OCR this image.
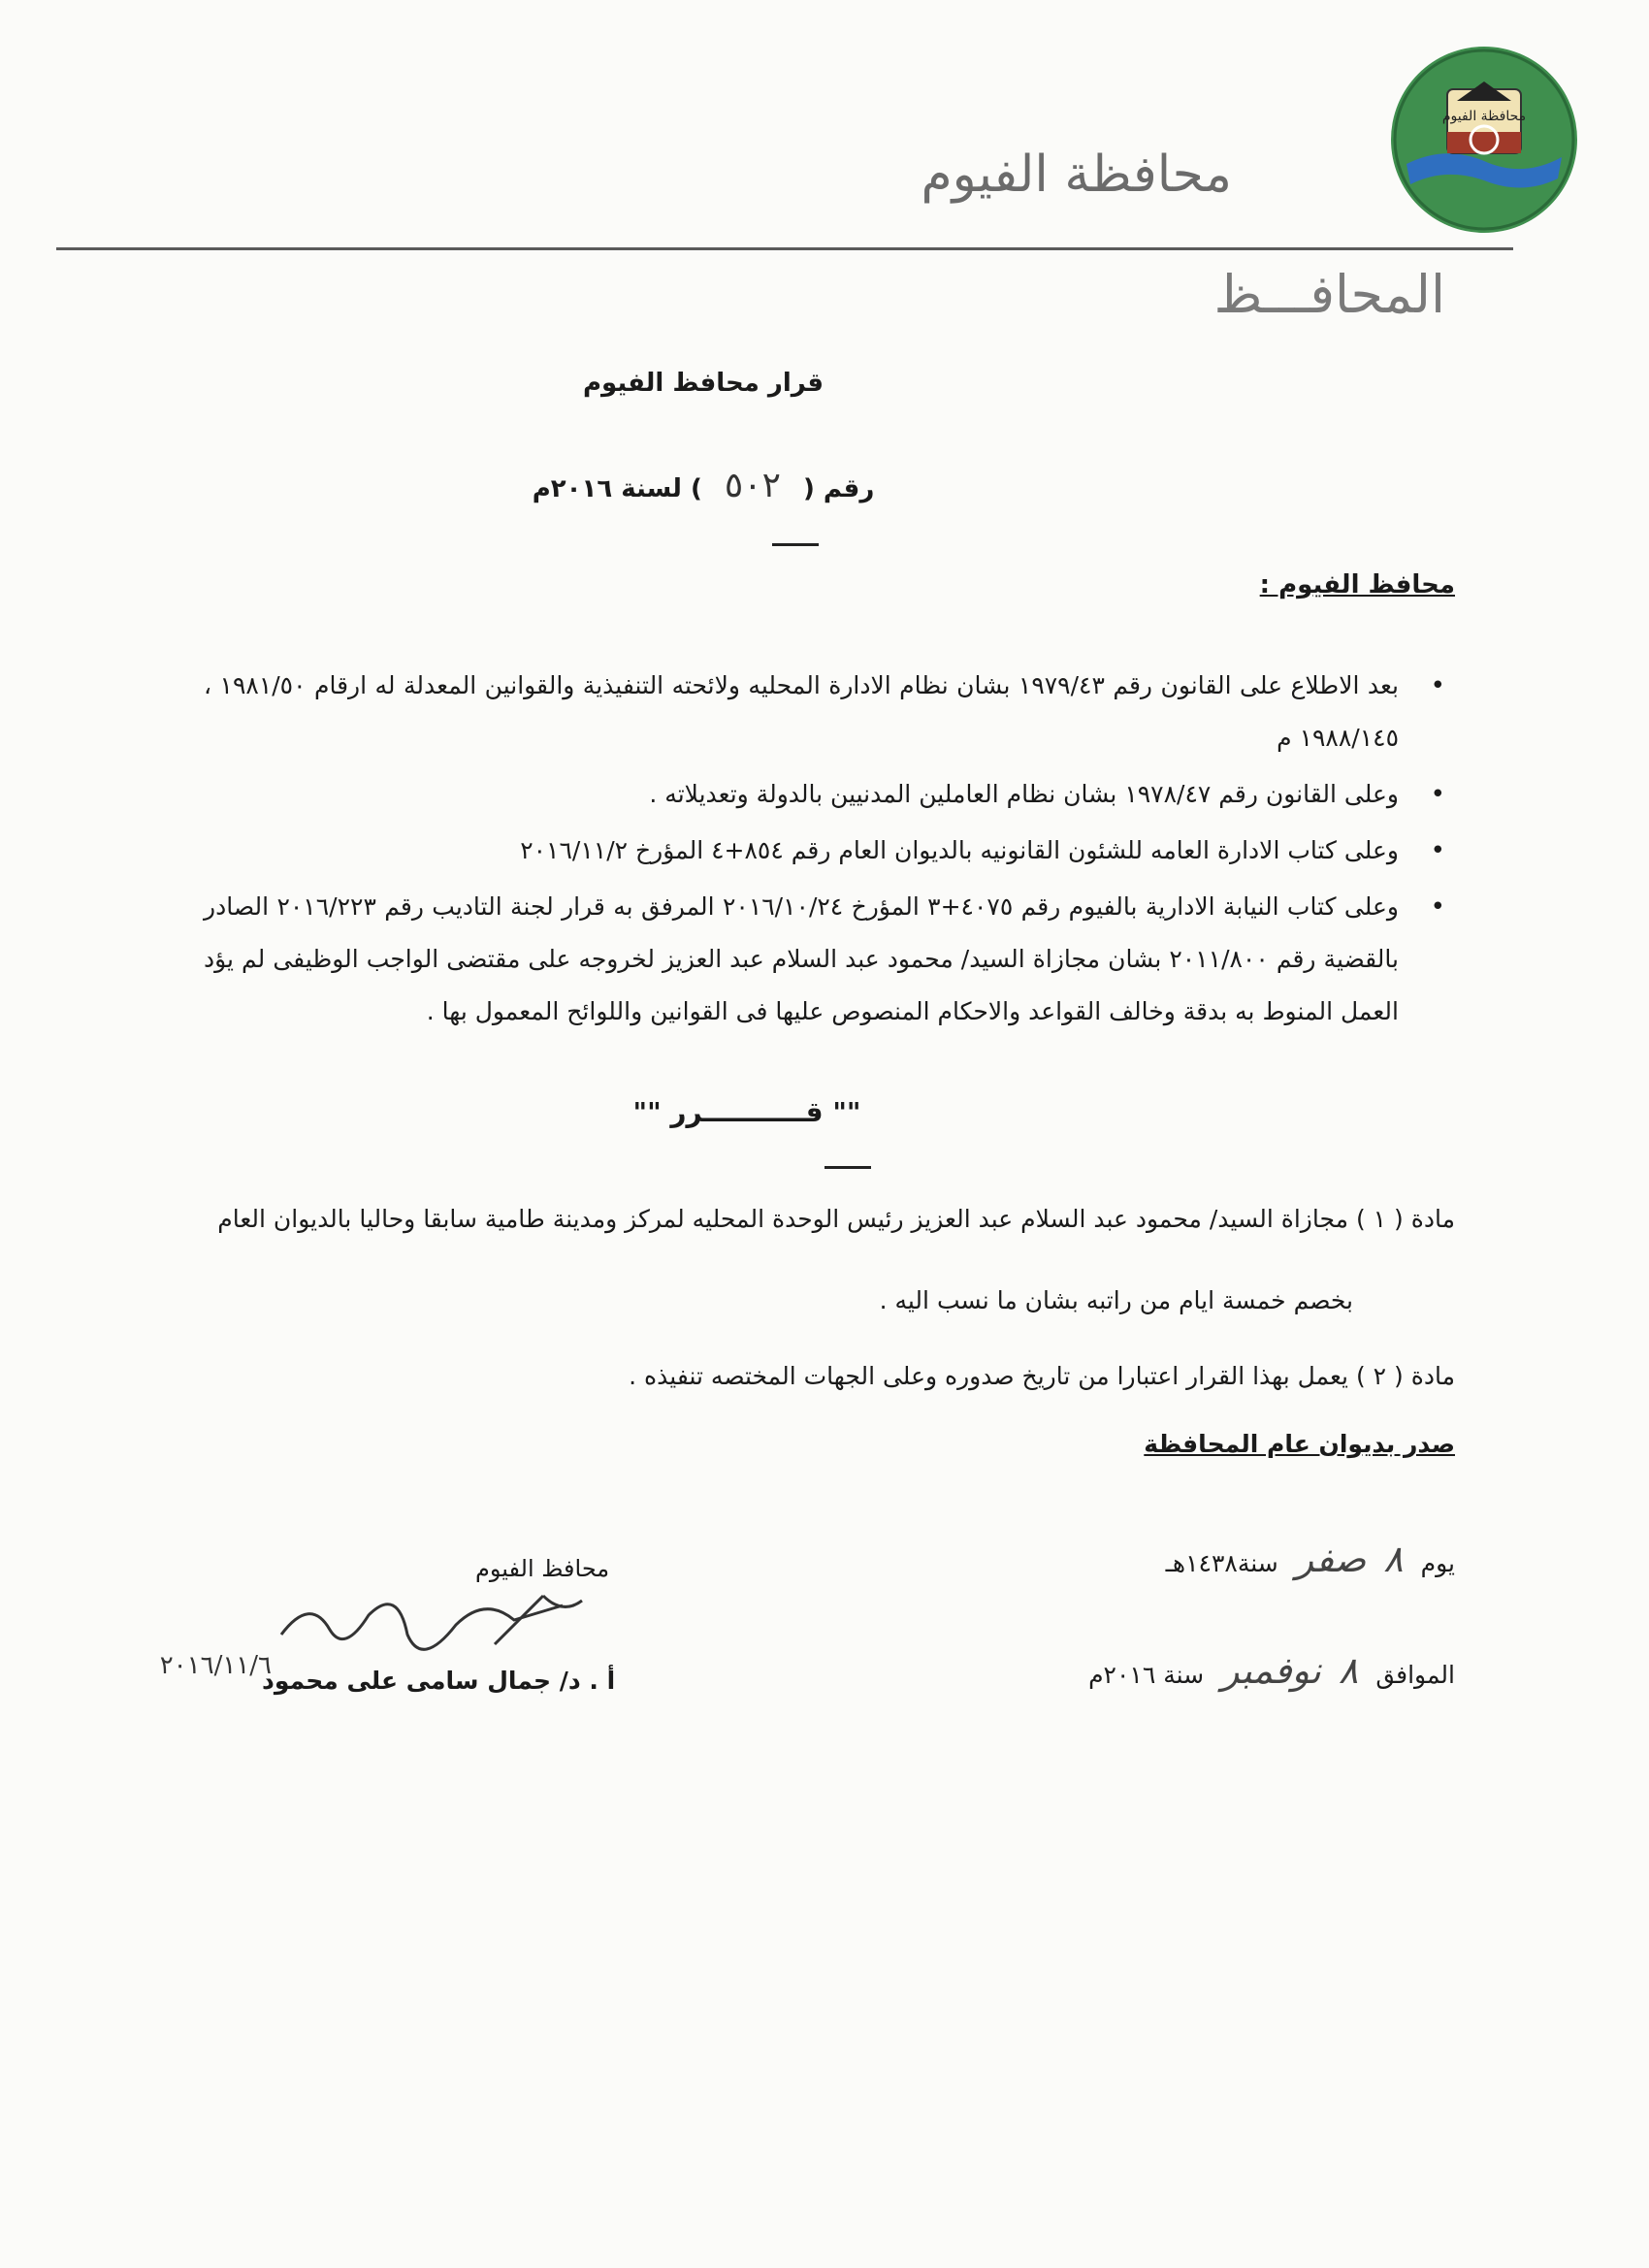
محافظة الفيوم
محافظة الفيوم
المحافـــظ
قرار محافظ الفيوم
رقم ( ٥٠٢ ) لسنة ٢٠١٦م
محافظ الفيوم :
• بعد الاطلاع على القانون رقم ١٩٧٩/٤٣ بشان نظام الادارة المحليه ولائحته التنفيذية والقوانين المعدلة له ارقام ١٩٨١/٥٠ ، ١٩٨٨/١٤٥ م
• وعلى القانون رقم ١٩٧٨/٤٧ بشان نظام العاملين المدنيين بالدولة وتعديلاته .
• وعلى كتاب الادارة العامه للشئون القانونيه بالديوان العام رقم ٨٥٤+٤ المؤرخ ٢٠١٦/١١/٢
• وعلى كتاب النيابة الادارية بالفيوم رقم ٤٠٧٥+٣ المؤرخ ٢٠١٦/١٠/٢٤ المرفق به قرار لجنة التاديب رقم ٢٠١٦/٢٢٣ الصادر بالقضية رقم ٢٠١١/٨٠٠ بشان مجازاة السيد/ محمود عبد السلام عبد العزيز لخروجه على مقتضى الواجب الوظيفى لم يؤد العمل المنوط به بدقة وخالف القواعد والاحكام المنصوص عليها فى القوانين واللوائح المعمول بها .
"" قـــــــــــرر ""
مادة ( ١ ) مجازاة السيد/ محمود عبد السلام عبد العزيز رئيس الوحدة المحليه لمركز ومدينة طامية سابقا وحاليا بالديوان العام
بخصم خمسة ايام من راتبه بشان ما نسب اليه .
مادة ( ٢ ) يعمل بهذا القرار اعتبارا من تاريخ صدوره وعلى الجهات المختصه تنفيذه .
صدر بديوان عام المحافظة
يوم
٨
صفر
سنة١٤٣٨هـ
الموافق
٨
نوفمبر
سنة ٢٠١٦م
محافظ الفيوم
٢٠١٦/١١/٦
أ . د/ جمال سامى على محمود
